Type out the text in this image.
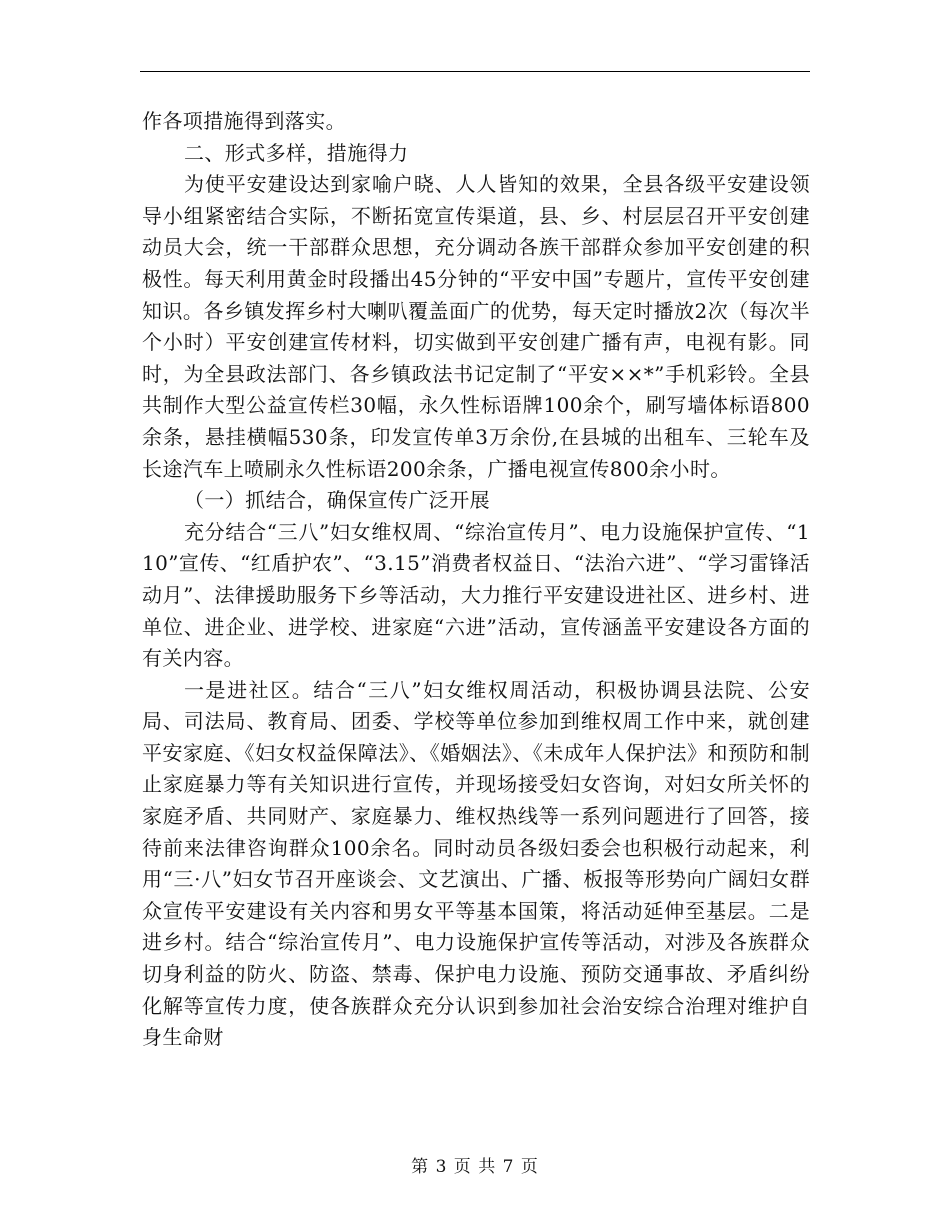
作各项措施得到落实。

二、形式多样，措施得力

为使平安建设达到家喻户晓、人人皆知的效果，全县各级平安建设领导小组紧密结合实际，不断拓宽宣传渠道，县、乡、村层层召开平安创建动员大会，统一干部群众思想，充分调动各族干部群众参加平安创建的积极性。每天利用黄金时段播出45分钟的“平安中国”专题片，宣传平安创建知识。各乡镇发挥乡村大喇叭覆盖面广的优势，每天定时播放2次（每次半个小时）平安创建宣传材料，切实做到平安创建广播有声，电视有影。同时，为全县政法部门、各乡镇政法书记定制了“平安××*”手机彩铃。全县共制作大型公益宣传栏30幅，永久性标语牌100余个，刷写墙体标语800余条，悬挂横幅530条，印发宣传单3万余份,在县城的出租车、三轮车及长途汽车上喷刷永久性标语200余条，广播电视宣传800余小时。

（一）抓结合，确保宣传广泛开展

充分结合“三八”妇女维权周、“综治宣传月”、电力设施保护宣传、“110”宣传、“红盾护农”、“3.15”消费者权益日、“法治六进”、“学习雷锋活动月”、法律援助服务下乡等活动，大力推行平安建设进社区、进乡村、进单位、进企业、进学校、进家庭“六进”活动，宣传涵盖平安建设各方面的有关内容。

一是进社区。结合“三八”妇女维权周活动，积极协调县法院、公安局、司法局、教育局、团委、学校等单位参加到维权周工作中来，就创建平安家庭、《妇女权益保障法》、《婚姻法》、《未成年人保护法》和预防和制止家庭暴力等有关知识进行宣传，并现场接受妇女咨询，对妇女所关怀的家庭矛盾、共同财产、家庭暴力、维权热线等一系列问题进行了回答，接待前来法律咨询群众100余名。同时动员各级妇委会也积极行动起来，利用“三·八”妇女节召开座谈会、文艺演出、广播、板报等形势向广阔妇女群众宣传平安建设有关内容和男女平等基本国策，将活动延伸至基层。二是进乡村。结合“综治宣传月”、电力设施保护宣传等活动，对涉及各族群众切身利益的防火、防盗、禁毒、保护电力设施、预防交通事故、矛盾纠纷化解等宣传力度，使各族群众充分认识到参加社会治安综合治理对维护自身生命财

第 3 页 共 7 页
